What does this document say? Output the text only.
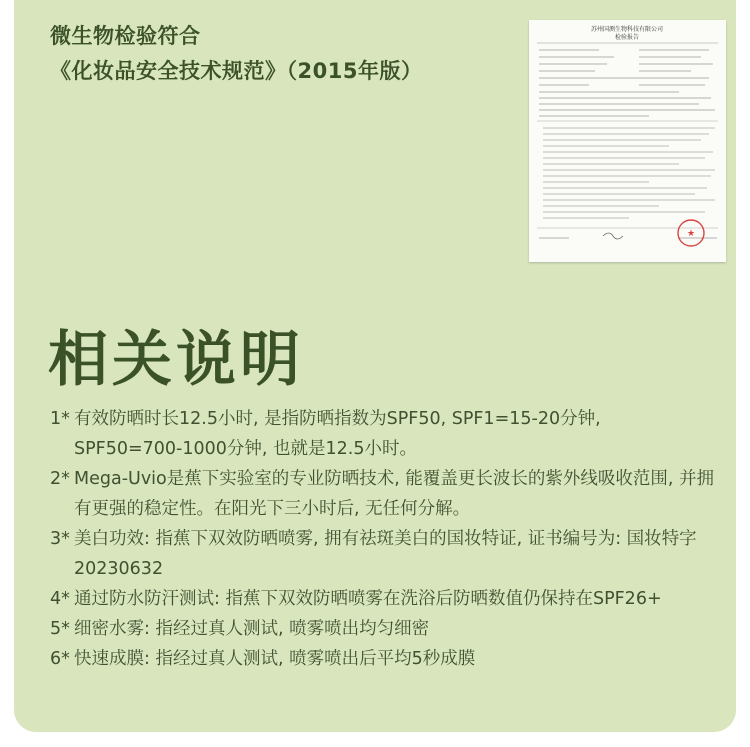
微生物检验符合
《化妆品安全技术规范》（2015年版）
苏州国测生物科技有限公司
检验报告
★
相关说明
1* 有效防晒时长12.5小时, 是指防晒指数为SPF50, SPF1=15-20分钟, SPF50=700-1000分钟, 也就是12.5小时。
2* Mega-Uvio是蕉下实验室的专业防晒技术, 能覆盖更长波长的紫外线吸收范围, 并拥有更强的稳定性。在阳光下三小时后, 无任何分解。
3* 美白功效: 指蕉下双效防晒喷雾, 拥有祛斑美白的国妆特证, 证书编号为: 国妆特字 20230632
4* 通过防水防汗测试: 指蕉下双效防晒喷雾在洗浴后防晒数值仍保持在SPF26+
5* 细密水雾: 指经过真人测试, 喷雾喷出均匀细密
6* 快速成膜: 指经过真人测试, 喷雾喷出后平均5秒成膜
